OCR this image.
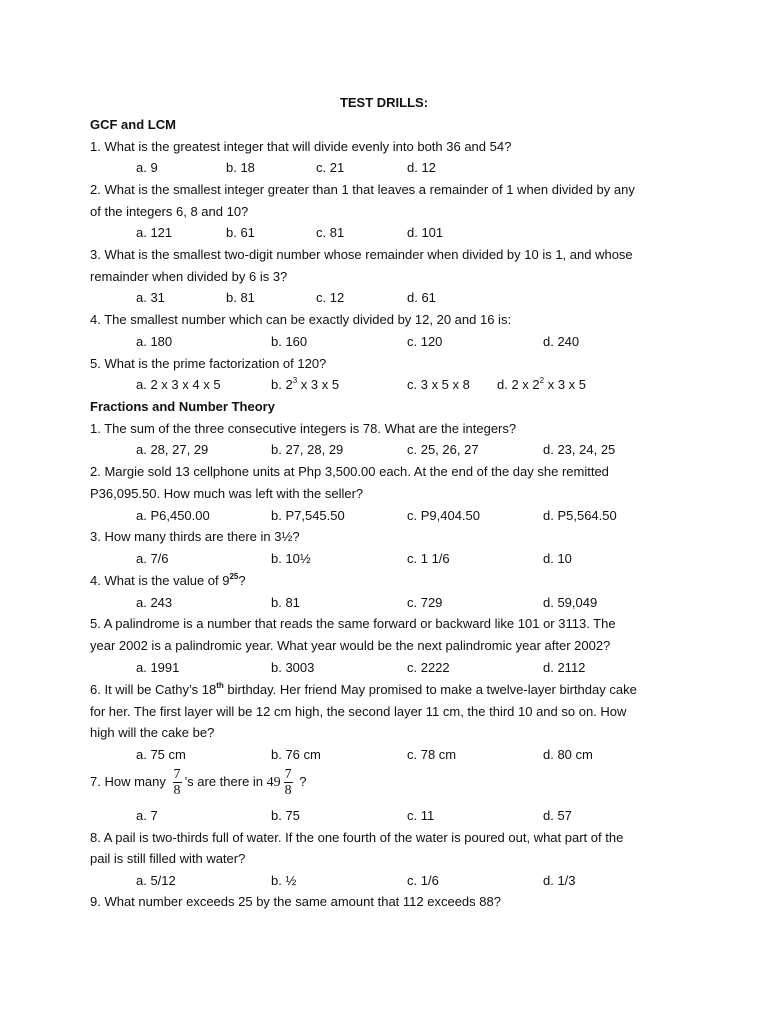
TEST DRILLS:
GCF and LCM
1. What is the greatest integer that will divide evenly into both 36 and 54?
a. 9	b. 18	c. 21	d. 12
2. What is the smallest integer greater than 1 that leaves a remainder of 1 when divided by any
of the integers 6, 8 and 10?
a. 121	b. 61	c. 81	d. 101
3. What is the smallest two-digit number whose remainder when divided by 10 is 1, and whose
remainder when divided by 6 is 3?
a. 31	b. 81	c. 12	d. 61
4. The smallest number which can be exactly divided by 12, 20 and 16 is:
a. 180	b. 160	c. 120	d. 240
5. What is the prime factorization of 120?
a. 2 x 3 x 4 x 5	b. $2^3$ x 3 x 5	c. 3 x 5 x 8 d. 2 x $2^2$ x 3 x 5
Fractions and Number Theory
1. The sum of the three consecutive integers is 78. What are the integers?
a. 28, 27, 29	b. 27, 28, 29	c. 25, 26, 27	d. 23, 24, 25
2. Margie sold 13 cellphone units at Php 3,500.00 each. At the end of the day she remitted
P36,095.50. How much was left with the seller?
a. P6,450.00	b. P7,545.50	c. P9,404.50	d. P5,564.50
3. How many thirds are there in 3½?
a. 7/6	b. 10½	c. 1 1/6	d. 10
4. What is the value of $9^{25}$?
a. 243	b. 81	c. 729	d. 59,049
5. A palindrome is a number that reads the same forward or backward like 101 or 3113. The
year 2002 is a palindromic year. What year would be the next palindromic year after 2002?
a. 1991	b. 3003	c. 2222	d. 2112
6. It will be Cathy’s 18th birthday. Her friend May promised to make a twelve-layer birthday cake
for her. The first layer will be 12 cm high, the second layer 11 cm, the third 10 and so on. How
high will the cake be?
a. 75 cm	b. 76 cm	c. 78 cm	d. 80 cm
7. How many $\frac{7}{8}$ ’s are there in $49 \frac{7}{8}$ ?
a. 7	b. 75	c. 11	d. 57
8. A pail is two-thirds full of water. If the one fourth of the water is poured out, what part of the
pail is still filled with water?
a. 5/12	b. ½	c. 1/6	d. 1/3
9. What number exceeds 25 by the same amount that 112 exceeds 88?
